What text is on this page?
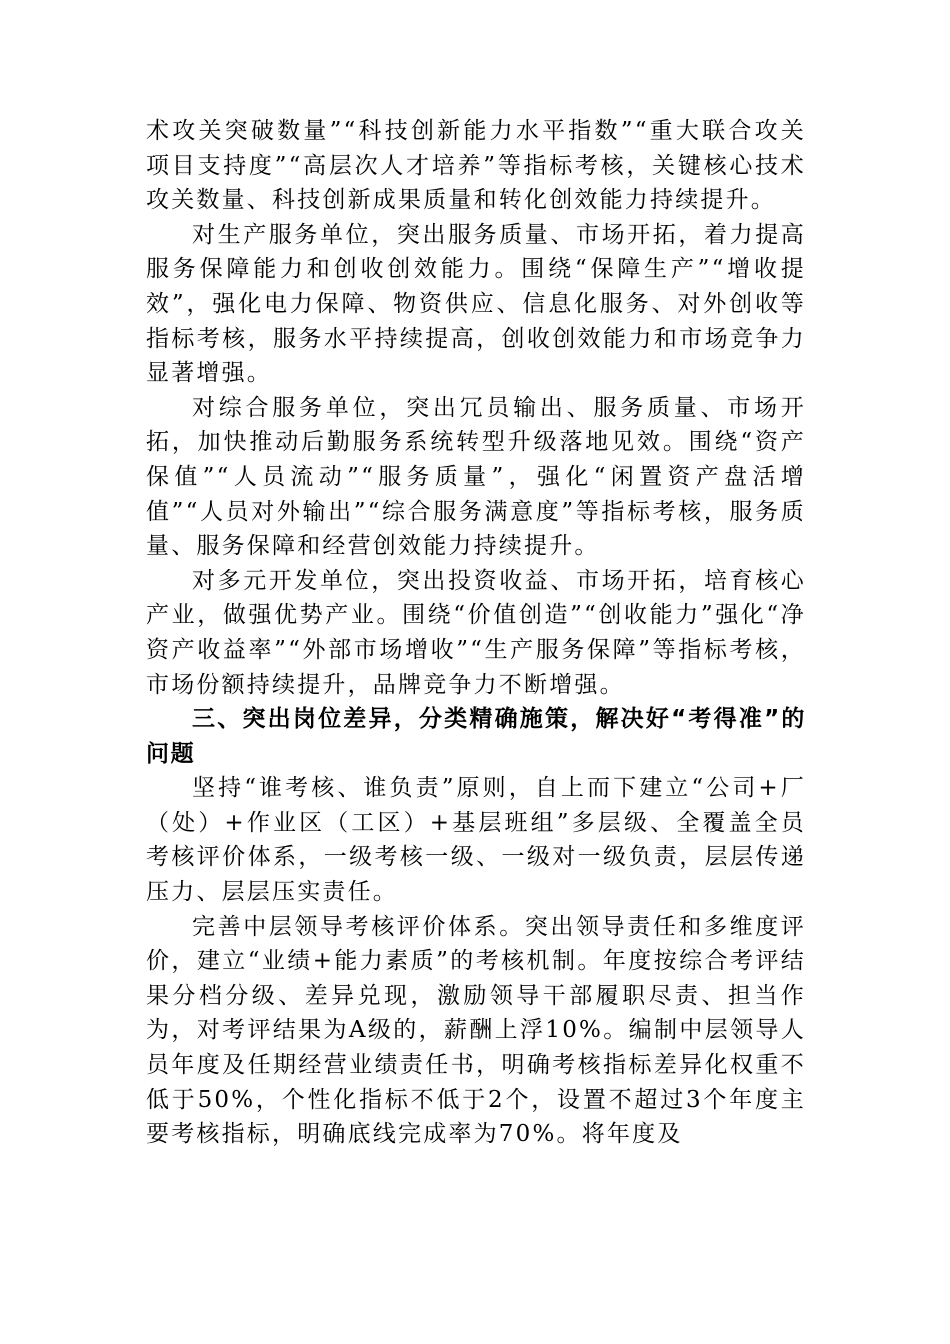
术攻关突破数量”“科技创新能力水平指数”“重大联合攻关项目支持度”“高层次人才培养”等指标考核，关键核心技术攻关数量、科技创新成果质量和转化创效能力持续提升。

对生产服务单位，突出服务质量、市场开拓，着力提高服务保障能力和创收创效能力。围绕“保障生产”“增收提效”，强化电力保障、物资供应、信息化服务、对外创收等指标考核，服务水平持续提高，创收创效能力和市场竞争力显著增强。

对综合服务单位，突出冗员输出、服务质量、市场开拓，加快推动后勤服务系统转型升级落地见效。围绕“资产保值”“人员流动”“服务质量”，强化“闲置资产盘活增值”“人员对外输出”“综合服务满意度”等指标考核，服务质量、服务保障和经营创效能力持续提升。

对多元开发单位，突出投资收益、市场开拓，培育核心产业，做强优势产业。围绕“价值创造”“创收能力”强化“净资产收益率”“外部市场增收”“生产服务保障”等指标考核，市场份额持续提升，品牌竞争力不断增强。

三、突出岗位差异，分类精确施策，解决好“考得准”的问题

坚持“谁考核、谁负责”原则，自上而下建立“公司+厂（处）+作业区（工区）+基层班组”多层级、全覆盖全员考核评价体系，一级考核一级、一级对一级负责，层层传递压力、层层压实责任。

完善中层领导考核评价体系。突出领导责任和多维度评价，建立“业绩+能力素质”的考核机制。年度按综合考评结果分档分级、差异兑现，激励领导干部履职尽责、担当作为，对考评结果为A级的，薪酬上浮10%。编制中层领导人员年度及任期经营业绩责任书，明确考核指标差异化权重不低于50%，个性化指标不低于2个，设置不超过3个年度主要考核指标，明确底线完成率为70%。将年度及
